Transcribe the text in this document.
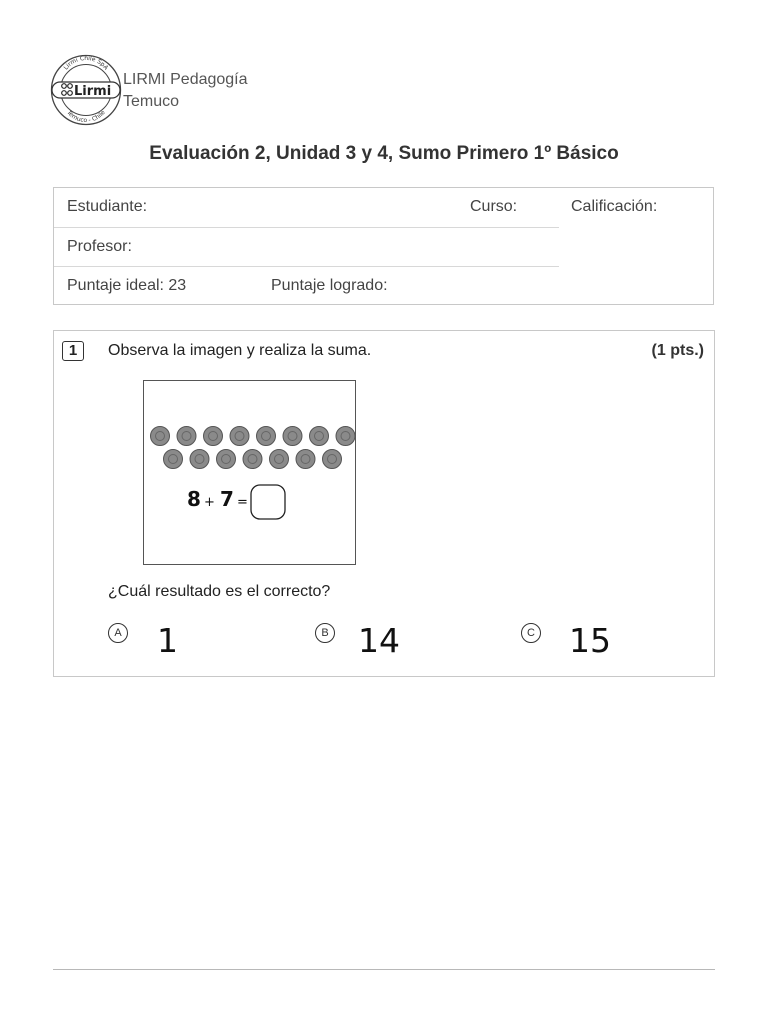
Lirmi
Lirmi Chile SpA
Temuco - Chile
LIRMI Pedagogía
Temuco
Evaluación 2, Unidad 3 y 4, Sumo Primero 1º Básico
Estudiante:	Curso:	Calificación:
Profesor:
Puntaje ideal: 23	Puntaje logrado:
1	Observa la imagen y realiza la suma.	(1 pts.)
8 + 7 =
¿Cuál resultado es el correcto?
A 1	B 14	C 15
